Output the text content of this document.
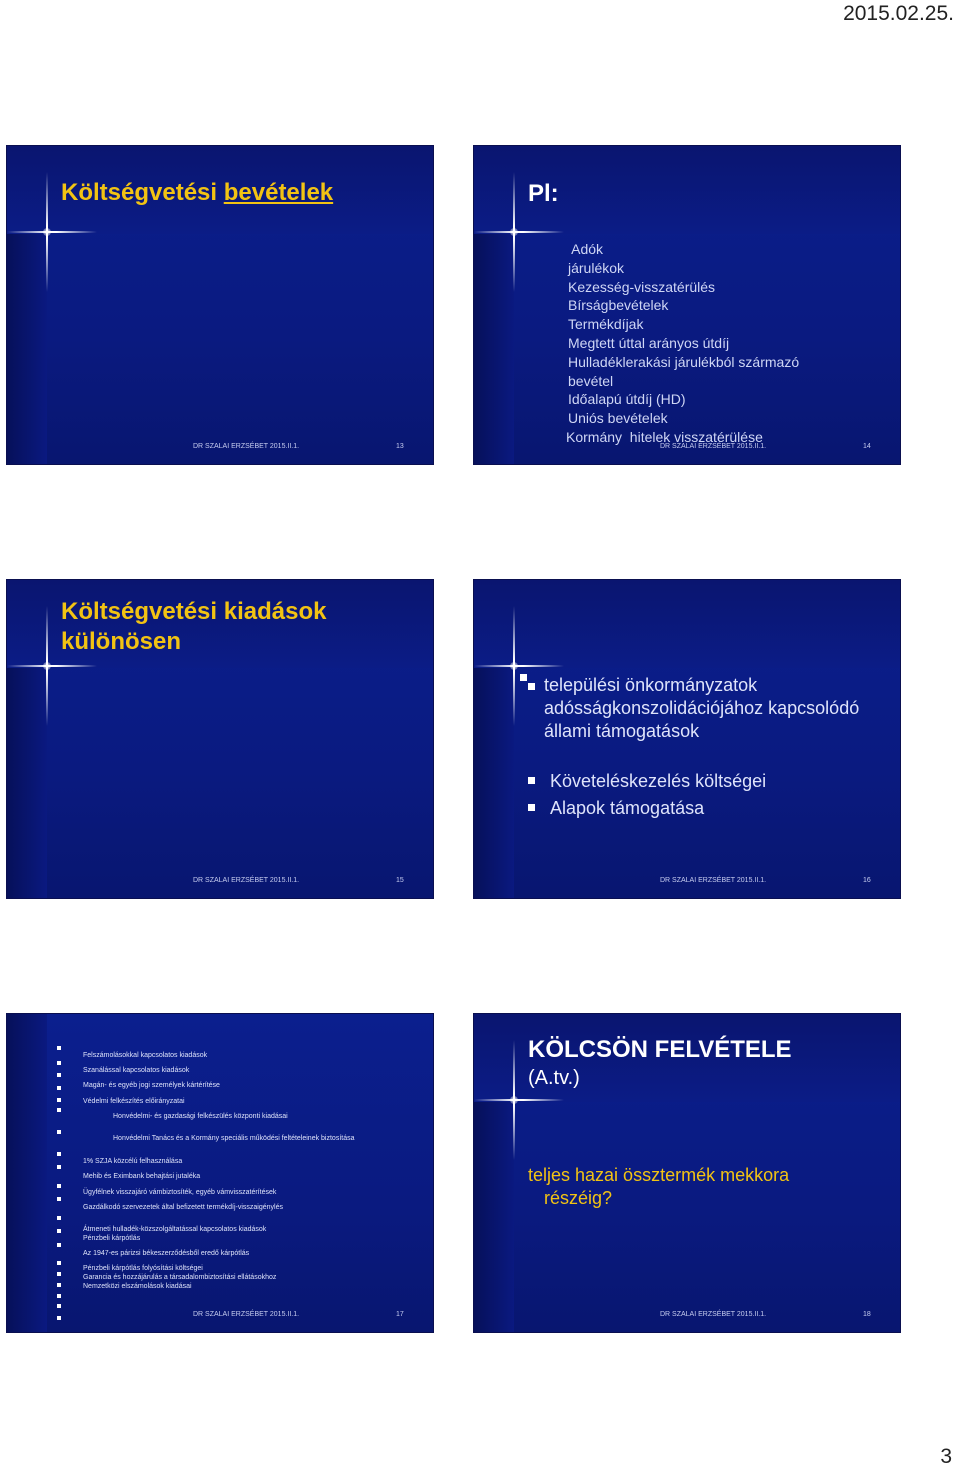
2015.02.25.
Költségvetési bevételek
DR SZALAI ERZSÉBET 2015.II.1.	13
Pl:
Adók
járulékok
Kezesség-visszatérülés
Bírságbevételek
Termékdíjak
Megtett úttal arányos útdíj
Hulladéklerakási járulékból származó
bevétel
Időalapú útdíj (HD)
Uniós bevételek
Kormány  hitelek visszatérülése
DR SZALAI ERZSÉBET 2015.II.1.	14
Költségvetési kiadások
különösen
DR SZALAI ERZSÉBET 2015.II.1.	15
települési önkormányzatok
adósságkonszolidációjához kapcsolódó
állami támogatások
Követeléskezelés költségei
Alapok támogatása
DR SZALAI ERZSÉBET 2015.II.1.	16
Felszámolásokkal kapcsolatos kiadások
Szanálással kapcsolatos kiadások
Magán- és egyéb jogi személyek kártérítése
Védelmi felkészítés előirányzatai
Honvédelmi- és gazdasági felkészülés központi kiadásai
Honvédelmi Tanács és a Kormány speciális működési feltételeinek biztosítása
1% SZJA közcélú felhasználása
Mehib és Eximbank behajtási jutaléka
Ügyfélnek visszajáró vámbiztosíték, egyéb vámvisszatérítések
Gazdálkodó szervezetek által befizetett termékdíj-visszaigénylés
Átmeneti hulladék-közszolgáltatással kapcsolatos kiadások
Pénzbeli kárpótlás
Az 1947-es párizsi békeszerződésből eredő kárpótlás
Pénzbeli kárpótlás folyósítási költségei
Garancia és hozzájárulás a társadalombiztosítási ellátásokhoz
Nemzetközi elszámolások kiadásai
DR SZALAI ERZSÉBET 2015.II.1.	17
KÖLCSÖN FELVÉTELE
(A.tv.)
teljes hazai össztermék mekkora
részéig?
DR SZALAI ERZSÉBET 2015.II.1.	18
3
